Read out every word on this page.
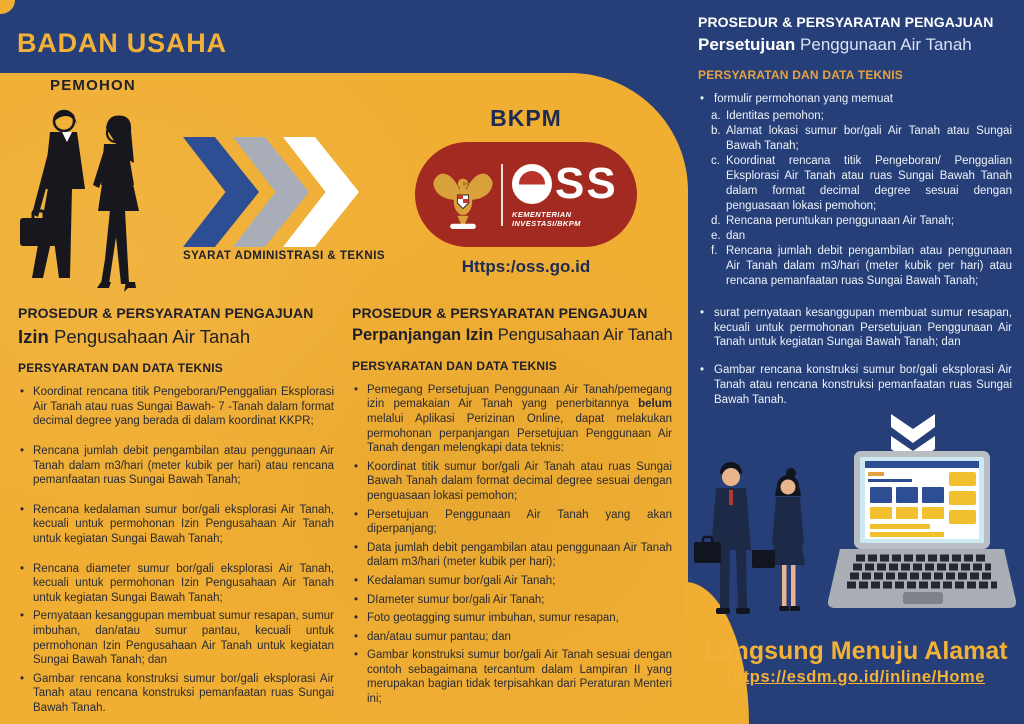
BADAN USAHA
PEMOHON
SYARAT ADMINISTRASI & TEKNIS
BKPM
SS
KEMENTERIAN INVESTASI/BKPM
Https:/oss.go.id
PROSEDUR & PERSYARATAN PENGAJUAN
Izin Pengusahaan Air Tanah
PERSYARATAN DAN DATA TEKNIS
• Koordinat rencana titik Pengeboran/Penggalian Eksplorasi Air Tanah atau ruas Sungai Bawah- 7 -Tanah dalam format decimal degree yang berada di dalam koordinat KKPR;
• Rencana jumlah debit pengambilan atau penggunaan Air Tanah dalam m3/hari (meter kubik per hari) atau rencana pemanfaatan ruas Sungai Bawah Tanah;
• Rencana kedalaman sumur bor/gali eksplorasi Air Tanah, kecuali untuk permohonan Izin Pengusahaan Air Tanah untuk kegiatan Sungai Bawah Tanah;
• Rencana diameter sumur bor/gali eksplorasi Air Tanah, kecuali untuk permohonan Izin Pengusahaan Air Tanah untuk kegiatan Sungai Bawah Tanah;
• Pernyataan kesanggupan membuat sumur resapan, sumur imbuhan, dan/atau sumur pantau, kecuali untuk permohonan Izin Pengusahaan Air Tanah untuk kegiatan Sungai Bawah Tanah; dan
• Gambar rencana konstruksi sumur bor/gali eksplorasi Air Tanah atau rencana konstruksi pemanfaatan ruas Sungai Bawah Tanah.
PROSEDUR & PERSYARATAN PENGAJUAN
Perpanjangan Izin Pengusahaan Air Tanah
PERSYARATAN DAN DATA TEKNIS
• Pemegang Persetujuan Penggunaan Air Tanah/pemegang izin pemakaian Air Tanah yang penerbitannya belum melalui Aplikasi Perizinan Online, dapat melakukan permohonan perpanjangan Persetujuan Penggunaan Air Tanah dengan melengkapi data teknis:
• Koordinat titik sumur bor/gali Air Tanah atau ruas Sungai Bawah Tanah dalam format decimal degree sesuai dengan penguasaan lokasi pemohon;
• Persetujuan Penggunaan Air Tanah yang akan diperpanjang;
• Data jumlah debit pengambilan atau penggunaan Air Tanah dalam m3/hari (meter kubik per hari);
• Kedalaman sumur bor/gali Air Tanah;
• DIameter sumur bor/gali Air Tanah;
• Foto geotagging sumur imbuhan, sumur resapan,
• dan/atau sumur pantau; dan
• Gambar konstruksi sumur bor/gali Air Tanah sesuai dengan contoh sebagaimana tercantum dalam Lampiran II yang merupakan bagian tidak terpisahkan dari Peraturan Menteri ini;
PROSEDUR & PERSYARATAN PENGAJUAN
Persetujuan Penggunaan Air Tanah
PERSYARATAN DAN DATA TEKNIS
• formulir permohonan yang memuat
a. Identitas pemohon;
b. Alamat lokasi sumur bor/gali Air Tanah atau Sungai Bawah Tanah;
c. Koordinat rencana titik Pengeboran/ Penggalian Eksplorasi Air Tanah atau ruas Sungai Bawah Tanah dalam format decimal degree sesuai dengan penguasaan lokasi pemohon;
d. Rencana peruntukan penggunaan Air Tanah;
e. dan
f. Rencana jumlah debit pengambilan atau penggunaan Air Tanah dalam m3/hari (meter kubik per hari) atau rencana pemanfaatan ruas Sungai Bawah Tanah;
• surat pernyataan kesanggupan membuat sumur resapan, kecuali untuk permohonan Persetujuan Penggunaan Air Tanah untuk kegiatan Sungai Bawah Tanah; dan
• Gambar rencana konstruksi sumur bor/gali eksplorasi Air Tanah atau rencana konstruksi pemanfaatan ruas Sungai Bawah Tanah.
Langsung Menuju Alamat
https://esdm.go.id/inline/Home
